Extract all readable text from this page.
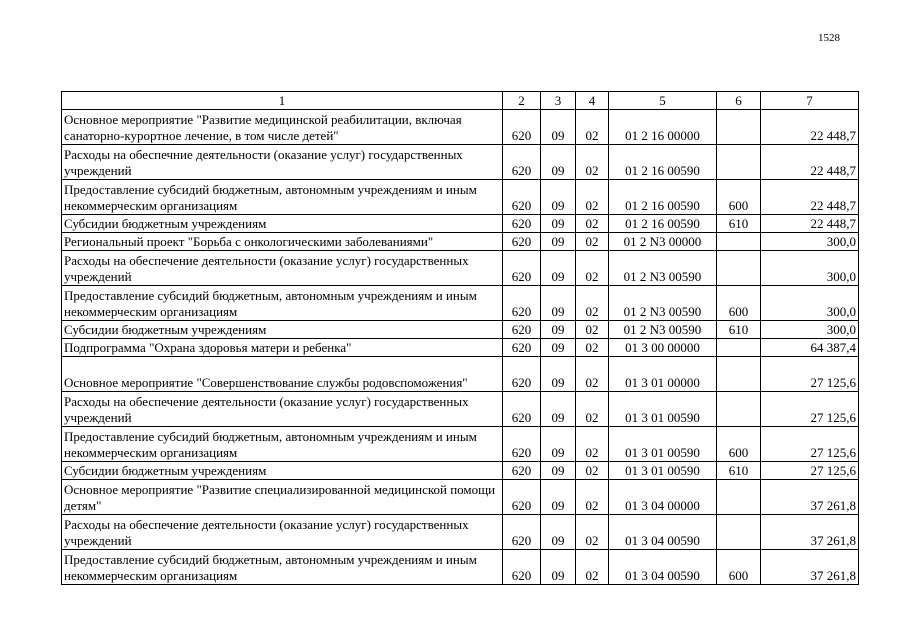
1528
1	2	3	4	5	6	7
Основное мероприятие "Развитие медицинской реабилитации, включая санаторно-курортное лечение, в том числе детей"	620	09	02	01 2 16 00000		22 448,7
Расходы на обеспечние деятельности (оказание услуг) государственных учреждений	620	09	02	01 2 16 00590		22 448,7
Предоставление субсидий бюджетным, автономным учреждениям и иным некоммерческим организациям	620	09	02	01 2 16 00590	600	22 448,7
Субсидии бюджетным учреждениям	620	09	02	01 2 16 00590	610	22 448,7
Региональный проект "Борьба с онкологическими заболеваниями"	620	09	02	01 2 N3 00000		300,0
Расходы на обеспечение деятельности (оказание услуг) государственных учреждений	620	09	02	01 2 N3 00590		300,0
Предоставление субсидий бюджетным, автономным учреждениям и иным некоммерческим организациям	620	09	02	01 2 N3 00590	600	300,0
Субсидии бюджетным учреждениям	620	09	02	01 2 N3 00590	610	300,0
Подпрограмма "Охрана здоровья матери и ребенка"	620	09	02	01 3 00 00000		64 387,4
Основное мероприятие "Совершенствование службы родовспоможения"	620	09	02	01 3 01 00000		27 125,6
Расходы на обеспечение деятельности (оказание услуг) государственных учреждений	620	09	02	01 3 01 00590		27 125,6
Предоставление субсидий бюджетным, автономным учреждениям и иным некоммерческим организациям	620	09	02	01 3 01 00590	600	27 125,6
Субсидии бюджетным учреждениям	620	09	02	01 3 01 00590	610	27 125,6
Основное мероприятие "Развитие специализированной медицинской помощи детям"	620	09	02	01 3 04 00000		37 261,8
Расходы на обеспечение деятельности (оказание услуг) государственных учреждений	620	09	02	01 3 04 00590		37 261,8
Предоставление субсидий бюджетным, автономным учреждениям и иным некоммерческим организациям	620	09	02	01 3 04 00590	600	37 261,8
